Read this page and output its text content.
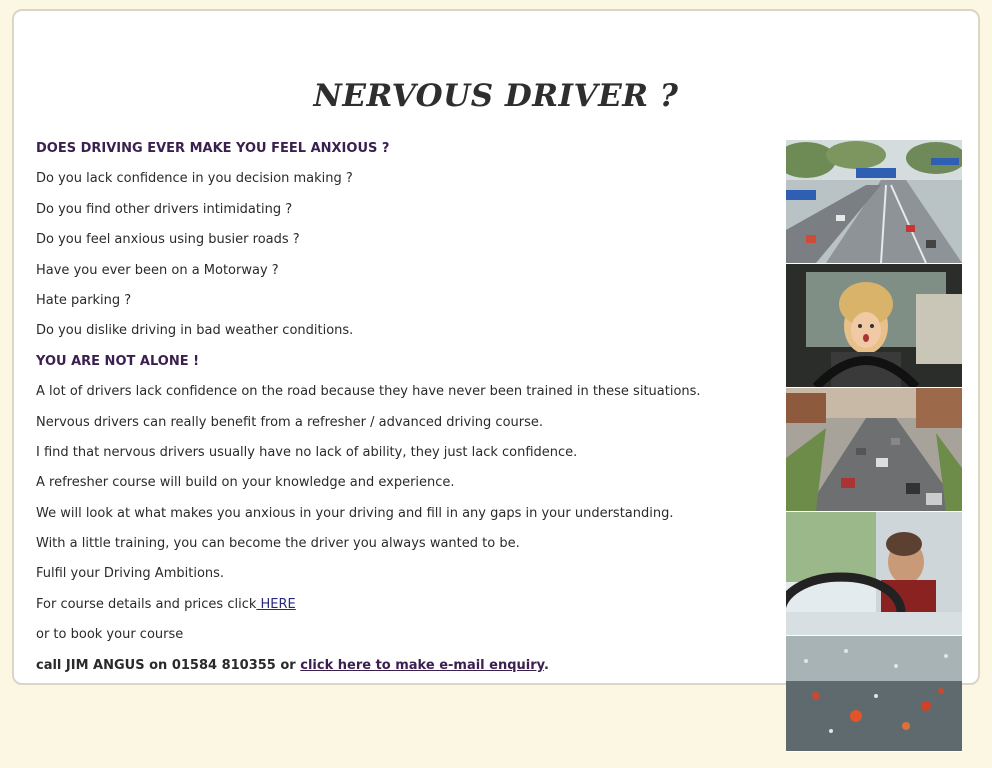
NERVOUS DRIVER ?
DOES DRIVING EVER MAKE YOU FEEL ANXIOUS ?
Do you lack confidence in you decision making ?
Do you find other drivers intimidating ?
Do you feel anxious using busier roads ?
Have you ever been on a Motorway ?
Hate parking ?
Do you dislike driving in bad weather conditions.
YOU ARE NOT ALONE !
A lot of drivers lack confidence on the road because they have never been trained in these situations.
Nervous drivers can really benefit from a refresher / advanced driving course.
I find that nervous drivers usually have no lack of ability, they just lack confidence.
A refresher course will build on your knowledge and experience.
We will look at what makes you anxious in your driving and fill in any gaps in your understanding.
With a little training, you can become the driver you always wanted to be.
Fulfil your Driving Ambitions.
For course details and prices click HERE
or to book your course
call JIM ANGUS on 01584 810355 or click here to make e-mail enquiry.
